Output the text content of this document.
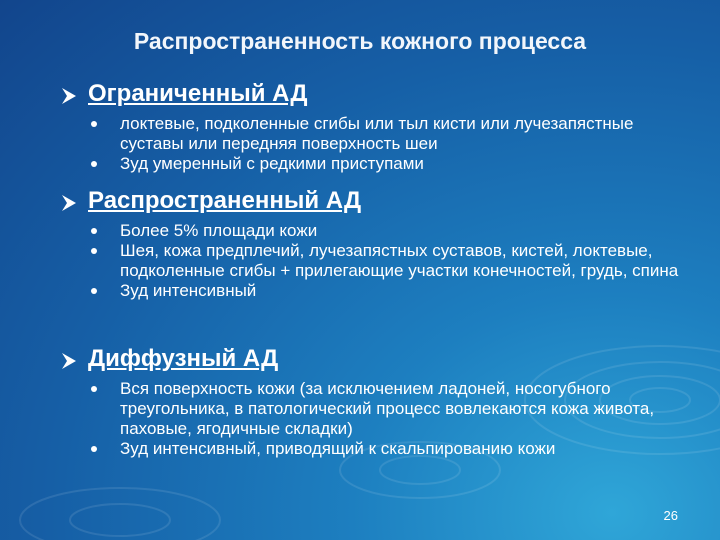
Распространенность кожного процесса
Ограниченный АД
локтевые, подколенные сгибы или тыл кисти или лучезапястные суставы или передняя поверхность шеи
Зуд умеренный с редкими приступами
Распространенный АД
Более 5% площади кожи
Шея, кожа предплечий, лучезапястных суставов, кистей, локтевые, подколенные сгибы + прилегающие участки конечностей, грудь, спина
Зуд интенсивный
Диффузный АД
Вся поверхность кожи (за исключением ладоней, носогубного треугольника, в патологический процесс вовлекаются кожа живота, паховые, ягодичные складки)
Зуд интенсивный, приводящий к скальпированию кожи
26
